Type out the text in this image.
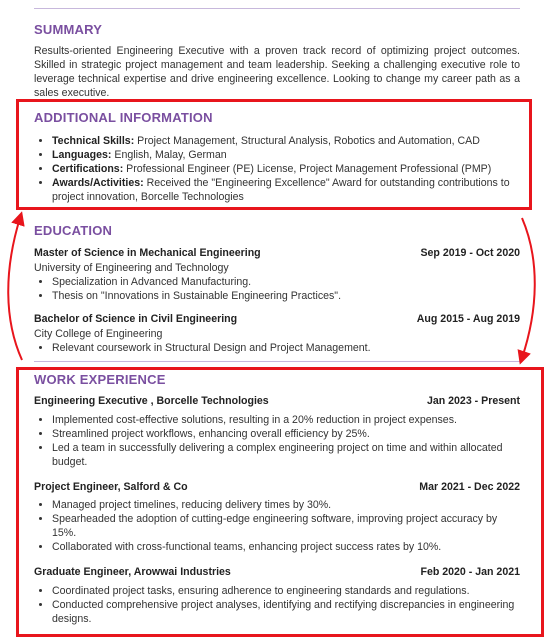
SUMMARY
Results-oriented Engineering Executive with a proven track record of optimizing project outcomes. Skilled in strategic project management and team leadership. Seeking a challenging executive role to leverage technical expertise and drive engineering excellence. Looking to change my career path as a sales executive.
ADDITIONAL INFORMATION
• Technical Skills: Project Management, Structural Analysis, Robotics and Automation, CAD
• Languages: English, Malay, German
• Certifications: Professional Engineer (PE) License, Project Management Professional (PMP)
• Awards/Activities: Received the "Engineering Excellence" Award for outstanding contributions to project innovation, Borcelle Technologies
EDUCATION
Master of Science in Mechanical Engineering	Sep 2019 - Oct 2020
University of Engineering and Technology
• Specialization in Advanced Manufacturing.
• Thesis on "Innovations in Sustainable Engineering Practices".
Bachelor of Science in Civil Engineering	Aug 2015 - Aug 2019
City College of Engineering
• Relevant coursework in Structural Design and Project Management.
WORK EXPERIENCE
Engineering Executive , Borcelle Technologies	Jan 2023 - Present
• Implemented cost-effective solutions, resulting in a 20% reduction in project expenses.
• Streamlined project workflows, enhancing overall efficiency by 25%.
• Led a team in successfully delivering a complex engineering project on time and within allocated budget.
Project Engineer, Salford & Co	Mar 2021 - Dec 2022
• Managed project timelines, reducing delivery times by 30%.
• Spearheaded the adoption of cutting-edge engineering software, improving project accuracy by 15%.
• Collaborated with cross-functional teams, enhancing project success rates by 10%.
Graduate Engineer, Arowwai Industries	Feb 2020 - Jan 2021
• Coordinated project tasks, ensuring adherence to engineering standards and regulations.
• Conducted comprehensive project analyses, identifying and rectifying discrepancies in engineering designs.
